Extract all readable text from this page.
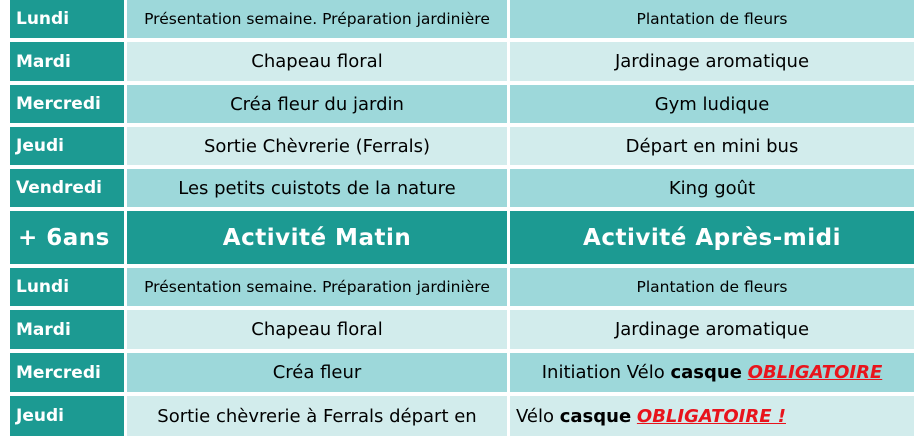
Lundi	Présentation semaine. Préparation jardinière	Plantation de fleurs
Mardi	Chapeau floral	Jardinage aromatique
Mercredi	Créa fleur du jardin	Gym ludique
Jeudi	Sortie Chèvrerie (Ferrals)	Départ en mini bus
Vendredi	Les petits cuistots de la nature	King goût
+ 6ans	Activité Matin	Activité Après-midi
Lundi	Présentation semaine. Préparation jardinière	Plantation de fleurs
Mardi	Chapeau floral	Jardinage aromatique
Mercredi	Créa fleur	Initiation Vélo casque OBLIGATOIRE
Jeudi	Sortie chèvrerie à Ferrals départ en	Vélo casque OBLIGATOIRE !
